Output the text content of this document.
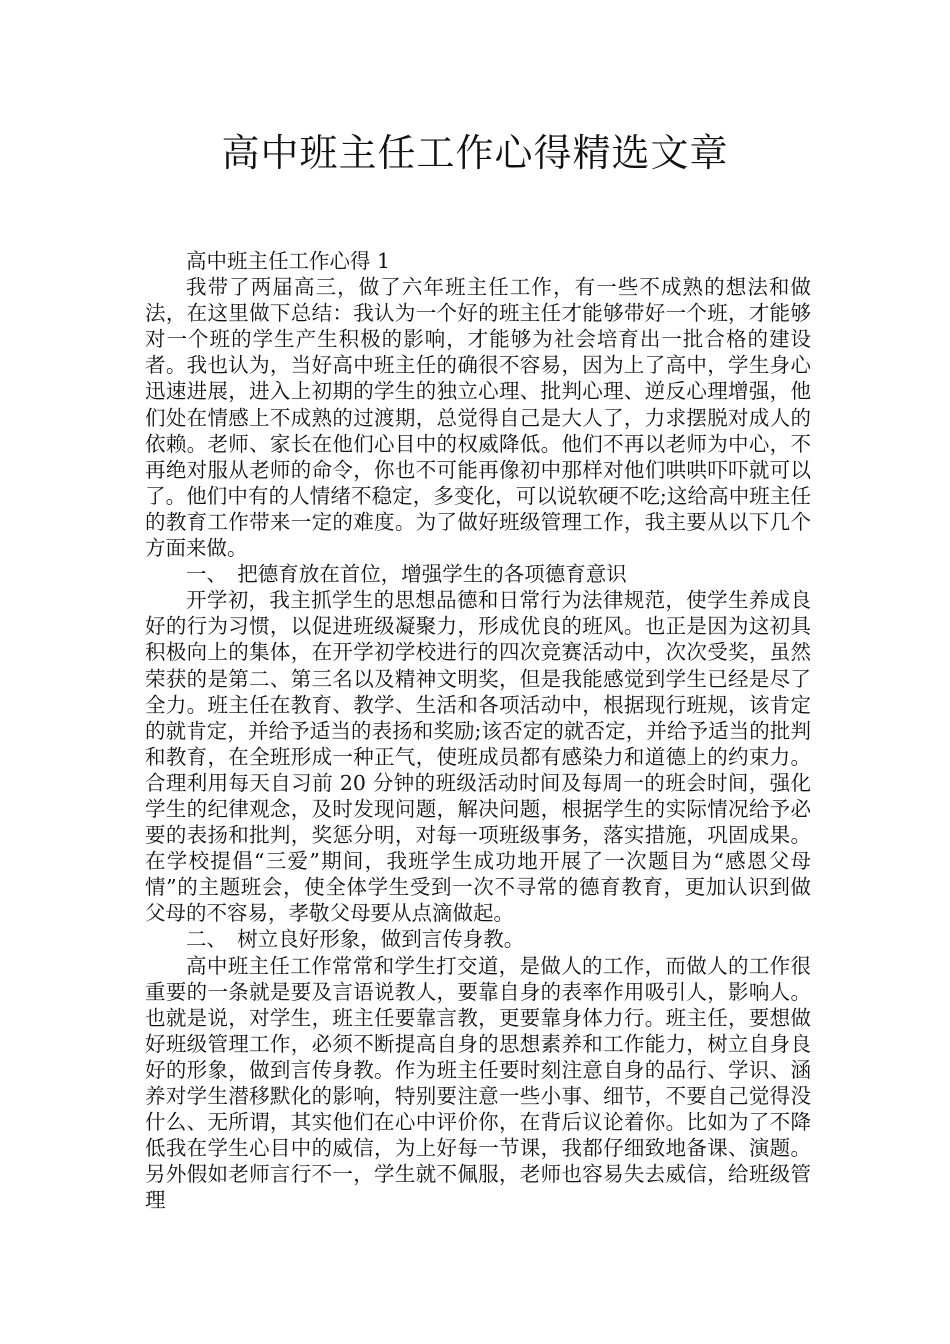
高中班主任工作心得精选文章

高中班主任工作心得 1

我带了两届高三，做了六年班主任工作，有一些不成熟的想法和做法，在这里做下总结：我认为一个好的班主任才能够带好一个班，才能够对一个班的学生产生积极的影响，才能够为社会培育出一批合格的建设者。我也认为，当好高中班主任的确很不容易，因为上了高中，学生身心迅速进展，进入上初期的学生的独立心理、批判心理、逆反心理增强，他们处在情感上不成熟的过渡期，总觉得自己是大人了，力求摆脱对成人的依赖。老师、家长在他们心目中的权威降低。他们不再以老师为中心，不再绝对服从老师的命令，你也不可能再像初中那样对他们哄哄吓吓就可以了。他们中有的人情绪不稳定，多变化，可以说软硬不吃;这给高中班主任的教育工作带来一定的难度。为了做好班级管理工作，我主要从以下几个方面来做。

一、　把德育放在首位，增强学生的各项德育意识

开学初，我主抓学生的思想品德和日常行为法律规范，使学生养成良好的行为习惯，以促进班级凝聚力，形成优良的班风。也正是因为这初具积极向上的集体，在开学初学校进行的四次竞赛活动中，次次受奖，虽然荣获的是第二、第三名以及精神文明奖，但是我能感觉到学生已经是尽了全力。班主任在教育、教学、生活和各项活动中，根据现行班规，该肯定的就肯定，并给予适当的表扬和奖励;该否定的就否定，并给予适当的批判和教育，在全班形成一种正气，使班成员都有感染力和道德上的约束力。合理利用每天自习前 20 分钟的班级活动时间及每周一的班会时间，强化学生的纪律观念，及时发现问题，解决问题，根据学生的实际情况给予必要的表扬和批判，奖惩分明，对每一项班级事务，落实措施，巩固成果。在学校提倡“三爱”期间，我班学生成功地开展了一次题目为“感恩父母情”的主题班会，使全体学生受到一次不寻常的德育教育，更加认识到做父母的不容易，孝敬父母要从点滴做起。

二、　树立良好形象，做到言传身教。

高中班主任工作常常和学生打交道，是做人的工作，而做人的工作很重要的一条就是要及言语说教人，要靠自身的表率作用吸引人，影响人。也就是说，对学生，班主任要靠言教，更要靠身体力行。班主任，要想做好班级管理工作，必须不断提高自身的思想素养和工作能力，树立自身良好的形象，做到言传身教。作为班主任要时刻注意自身的品行、学识、涵养对学生潜移默化的影响，特别要注意一些小事、细节，不要自己觉得没什么、无所谓，其实他们在心中评价你，在背后议论着你。比如为了不降低我在学生心目中的威信，为上好每一节课，我都仔细致地备课、演题。另外假如老师言行不一，学生就不佩服，老师也容易失去威信，给班级管理
